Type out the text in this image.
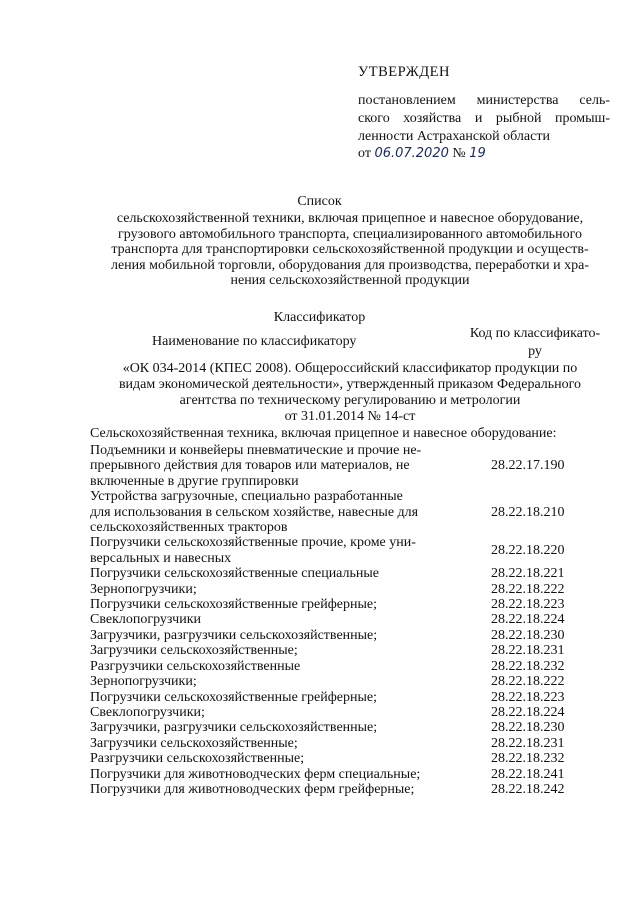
УТВЕРЖДЕН
постановлением министерства сель-
ского хозяйства и рыбной промыш-
ленности Астраханской области
от 06.07.2020 № 19
Список
сельскохозяйственной техники, включая прицепное и навесное оборудование,
грузового автомобильного транспорта, специализированного автомобильного
транспорта для транспортировки сельскохозяйственной продукции и осуществ-
ления мобильной торговли, оборудования для производства, переработки и хра-
нения сельскохозяйственной продукции
Классификатор
Наименование по классификатору
Код по классификато-
ру
«ОК 034-2014 (КПЕС 2008). Общероссийский классификатор продукции по
видам экономической деятельности», утвержденный приказом Федерального
агентства по техническому регулированию и метрологии
от 31.01.2014 № 14-ст
Сельскохозяйственная техника, включая прицепное и навесное оборудование:
Подъемники и конвейеры пневматические и прочие не-
прерывного действия для товаров или материалов, не
включенные в другие группировки
28.22.17.190
Устройства загрузочные, специально разработанные
для использования в сельском хозяйстве, навесные для
сельскохозяйственных тракторов
28.22.18.210
Погрузчики сельскохозяйственные прочие, кроме уни-
версальных и навесных
28.22.18.220
Погрузчики сельскохозяйственные специальные	28.22.18.221
Зернопогрузчики;	28.22.18.222
Погрузчики сельскохозяйственные грейферные;	28.22.18.223
Свеклопогрузчики	28.22.18.224
Загрузчики, разгрузчики сельскохозяйственные;	28.22.18.230
Загрузчики сельскохозяйственные;	28.22.18.231
Разгрузчики сельскохозяйственные	28.22.18.232
Зернопогрузчики;	28.22.18.222
Погрузчики сельскохозяйственные грейферные;	28.22.18.223
Свеклопогрузчики;	28.22.18.224
Загрузчики, разгрузчики сельскохозяйственные;	28.22.18.230
Загрузчики сельскохозяйственные;	28.22.18.231
Разгрузчики сельскохозяйственные;	28.22.18.232
Погрузчики для животноводческих ферм специальные;	28.22.18.241
Погрузчики для животноводческих ферм грейферные;	28.22.18.242
